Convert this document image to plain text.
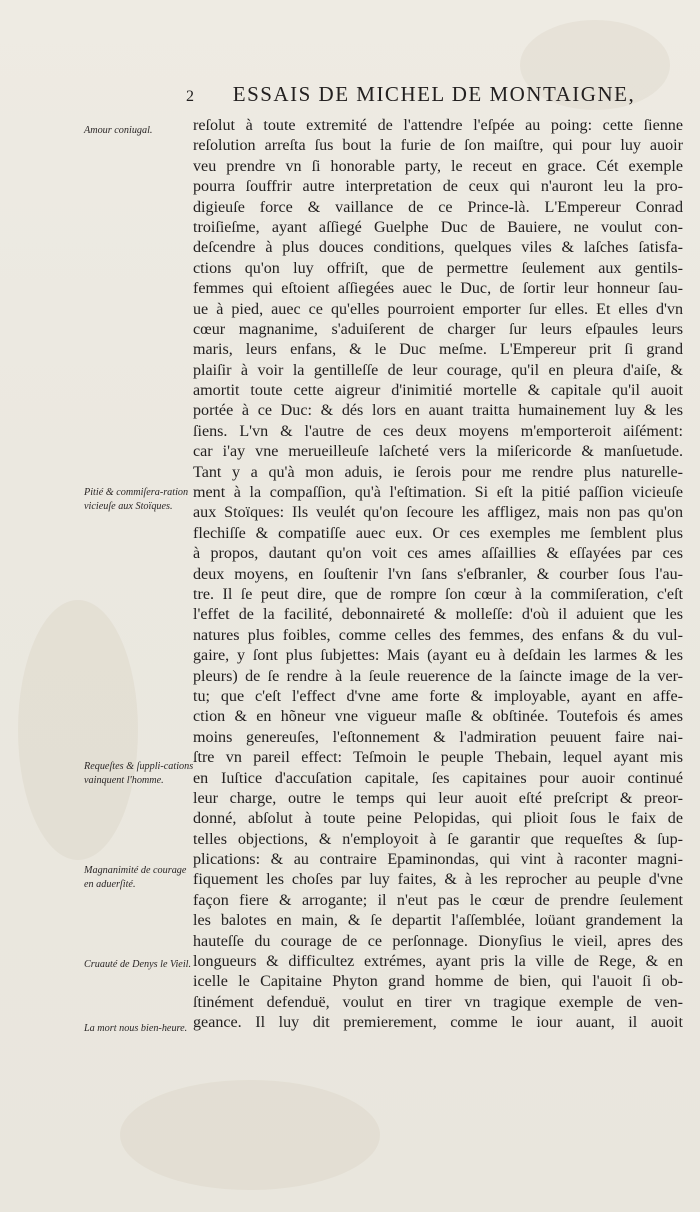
2 ESSAIS DE MICHEL DE MONTAIGNE,
Amour coniugal.
Pitié & commiſera-ration vicieuſe aux Stoïques.
Requeſtes & ſuppli-cations vainquent l'homme.
Magnanimité de courage en aduerſité.
Cruauté de Denys le Vieil.
La mort nous bien-heure.
reſolut à toute extremité de l'attendre l'eſpée au poing: cette ſienne
reſolution arreſta ſus bout la furie de ſon maiſtre, qui pour luy auoir
veu prendre vn ſi honorable party, le receut en grace. Cét exemple
pourra ſouffrir autre interpretation de ceux qui n'auront leu la pro-
digieuſe force & vaillance de ce Prince-là. L'Empereur Conrad
troiſieſme, ayant aſſiegé Guelphe Duc de Bauiere, ne voulut con-
deſcendre à plus douces conditions, quelques viles & laſches ſatisfa-
ctions qu'on luy offriſt, que de permettre ſeulement aux gentils-
femmes qui eſtoient aſſiegées auec le Duc, de ſortir leur honneur ſau-
ue à pied, auec ce qu'elles pourroient emporter ſur elles. Et elles d'vn
cœur magnanime, s'aduiſerent de charger ſur leurs eſpaules leurs
maris, leurs enfans, & le Duc meſme. L'Empereur prit ſi grand
plaiſir à voir la gentilleſſe de leur courage, qu'il en pleura d'aiſe, &
amortit toute cette aigreur d'inimitié mortelle & capitale qu'il auoit
portée à ce Duc: & dés lors en auant traitta humainement luy & les
ſiens. L'vn & l'autre de ces deux moyens m'emporteroit aiſément:
car i'ay vne merueilleuſe laſcheté vers la miſericorde & manſuetude.
Tant y a qu'à mon aduis, ie ſerois pour me rendre plus naturelle-
ment à la compaſſion, qu'à l'eſtimation. Si eſt la pitié paſſion vicieuſe
aux Stoïques: Ils veulét qu'on ſecoure les affligez, mais non pas qu'on
flechiſſe & compatiſſe auec eux. Or ces exemples me ſemblent plus
à propos, dautant qu'on voit ces ames aſſaillies & eſſayées par ces
deux moyens, en ſouſtenir l'vn ſans s'eſbranler, & courber ſous l'au-
tre. Il ſe peut dire, que de rompre ſon cœur à la commiſeration, c'eſt
l'effet de la facilité, debonnaireté & molleſſe: d'où il aduient que les
natures plus foibles, comme celles des femmes, des enfans & du vul-
gaire, y ſont plus ſubjettes: Mais (ayant eu à deſdain les larmes & les
pleurs) de ſe rendre à la ſeule reuerence de la ſaincte image de la ver-
tu; que c'eſt l'effect d'vne ame forte & imployable, ayant en affe-
ction & en hõneur vne vigueur maſle & obſtinée. Toutefois és ames
moins genereuſes, l'eſtonnement & l'admiration peuuent faire nai-
ſtre vn pareil effect: Teſmoin le peuple Thebain, lequel ayant mis
en Iuſtice d'accuſation capitale, ſes capitaines pour auoir continué
leur charge, outre le temps qui leur auoit eſté preſcript & preor-
donné, abſolut à toute peine Pelopidas, qui plioit ſous le faix de
telles objections, & n'employoit à ſe garantir que requeſtes & ſup-
plications: & au contraire Epaminondas, qui vint à raconter magni-
fiquement les choſes par luy faites, & à les reprocher au peuple d'vne
façon fiere & arrogante; il n'eut pas le cœur de prendre ſeulement
les balotes en main, & ſe departit l'aſſemblée, loüant grandement la
hauteſſe du courage de ce perſonnage. Dionyſius le vieil, apres des
longueurs & difficultez extrémes, ayant pris la ville de Rege, & en
icelle le Capitaine Phyton grand homme de bien, qui l'auoit ſi ob-
ſtinément defenduë, voulut en tirer vn tragique exemple de ven-
geance. Il luy dit premierement, comme le iour auant, il auoit
